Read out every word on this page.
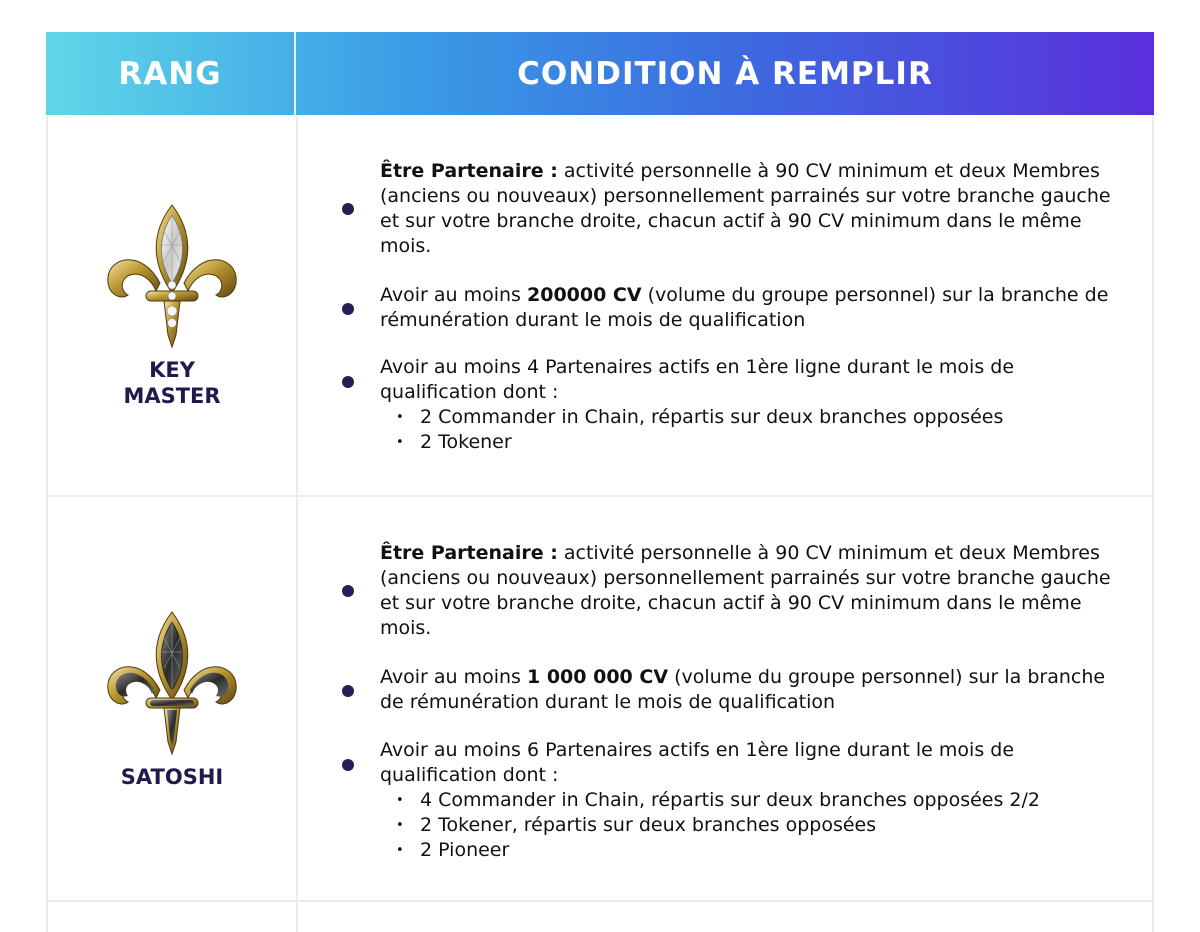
RANG	CONDITION À REMPLIR
KEY
MASTER
Être Partenaire : activité personnelle à 90 CV minimum et deux Membres (anciens ou nouveaux) personnellement parrainés sur votre branche gauche et sur votre branche droite, chacun actif à 90 CV minimum dans le même mois.
Avoir au moins 200000 CV (volume du groupe personnel) sur la branche de rémunération durant le mois de qualification
Avoir au moins 4 Partenaires actifs en 1ère ligne durant le mois de qualification dont :
• 2 Commander in Chain, répartis sur deux branches opposées
• 2 Tokener
SATOSHI
Être Partenaire : activité personnelle à 90 CV minimum et deux Membres (anciens ou nouveaux) personnellement parrainés sur votre branche gauche et sur votre branche droite, chacun actif à 90 CV minimum dans le même mois.
Avoir au moins 1 000 000 CV (volume du groupe personnel) sur la branche de rémunération durant le mois de qualification
Avoir au moins 6 Partenaires actifs en 1ère ligne durant le mois de qualification dont :
• 4 Commander in Chain, répartis sur deux branches opposées 2/2
• 2 Tokener, répartis sur deux branches opposées
• 2 Pioneer
